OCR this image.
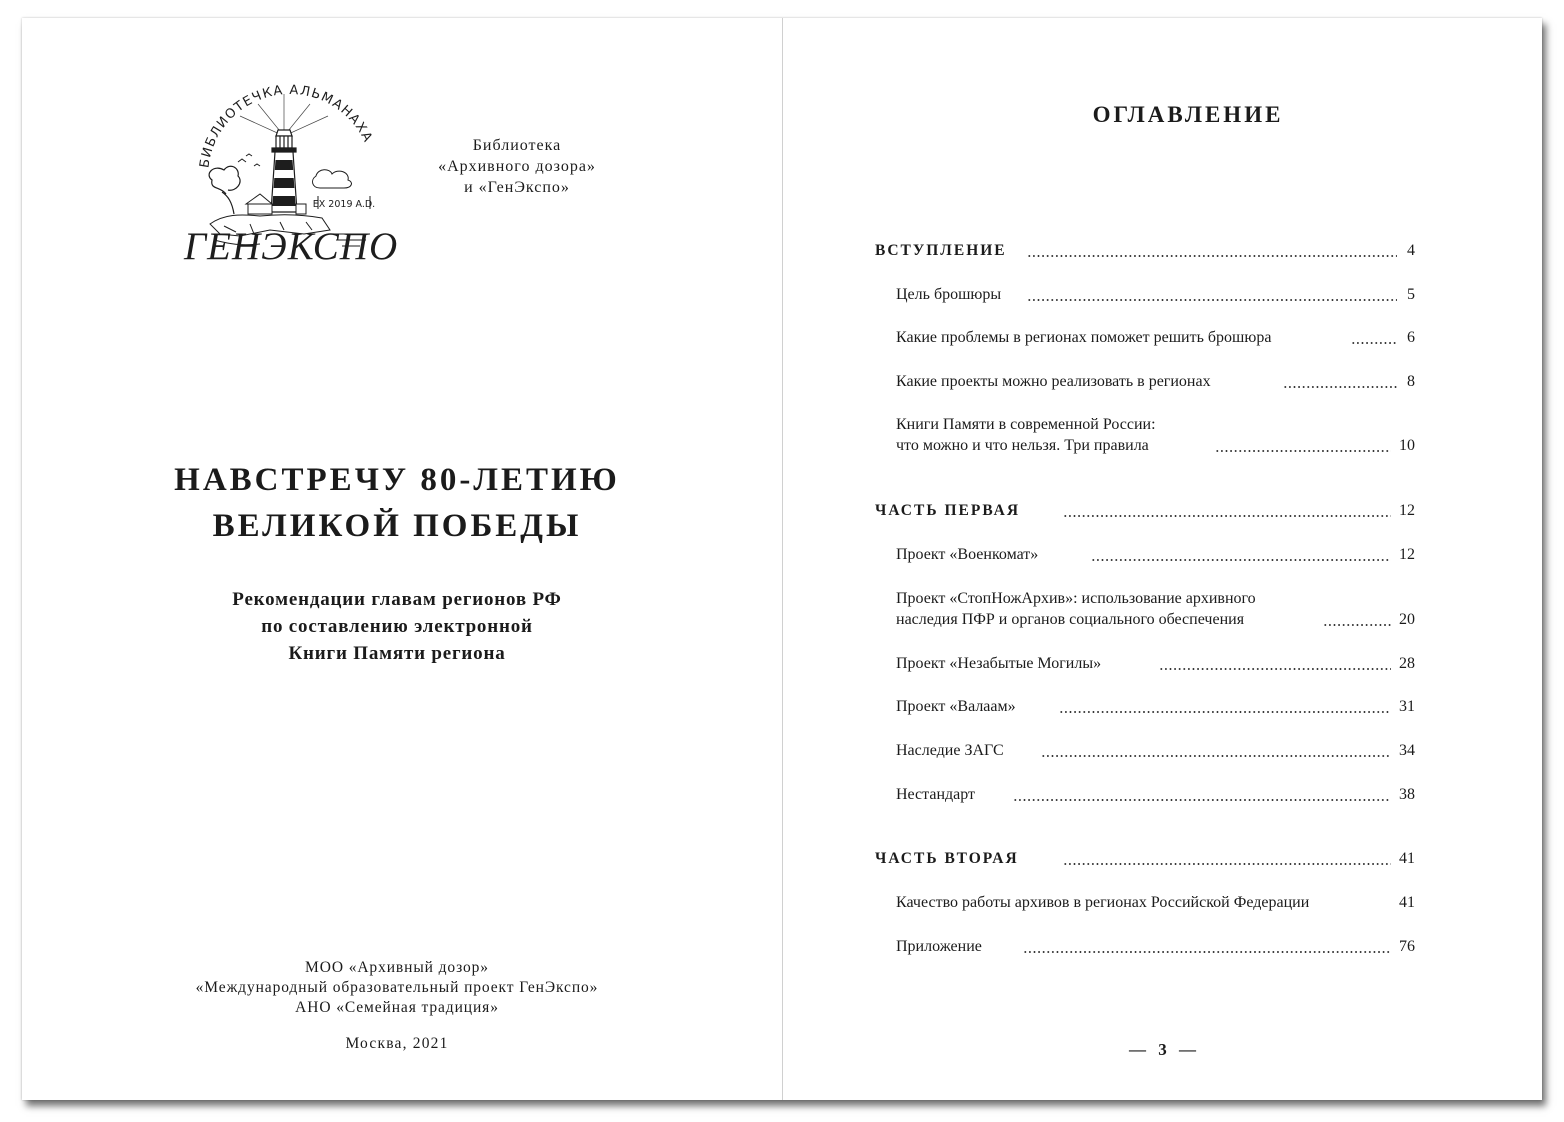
БИБЛИОТЕЧКА АЛЬМАНАХА
EX 2019 A.D.
ГЕНЭКСПО
Библиотека
«Архивного дозора»
и «ГенЭкспо»
НАВСТРЕЧУ 80-ЛЕТИЮ
ВЕЛИКОЙ ПОБЕДЫ
Рекомендации главам регионов РФ
по составлению электронной
Книги Памяти региона
МОО «Архивный дозор»
«Международный образовательный проект ГенЭкспо»
АНО «Семейная традиция»
Москва, 2021
ОГЛАВЛЕНИЕ
ВСТУПЛЕНИЕ	4
Цель брошюры	5
Какие проблемы в регионах поможет решить брошюра	6
Какие проекты можно реализовать в регионах	8
Книги Памяти в современной России:
что можно и что нельзя. Три правила	10
ЧАСТЬ ПЕРВАЯ	12
Проект «Военкомат»	12
Проект «СтопНожАрхив»: использование архивного
наследия ПФР и органов социального обеспечения	20
Проект «Незабытые Могилы»	28
Проект «Валаам»	31
Наследие ЗАГС	34
Нестандарт	38
ЧАСТЬ ВТОРАЯ	41
Качество работы архивов в регионах Российской Федерации	41
Приложение	76
— 3 —
